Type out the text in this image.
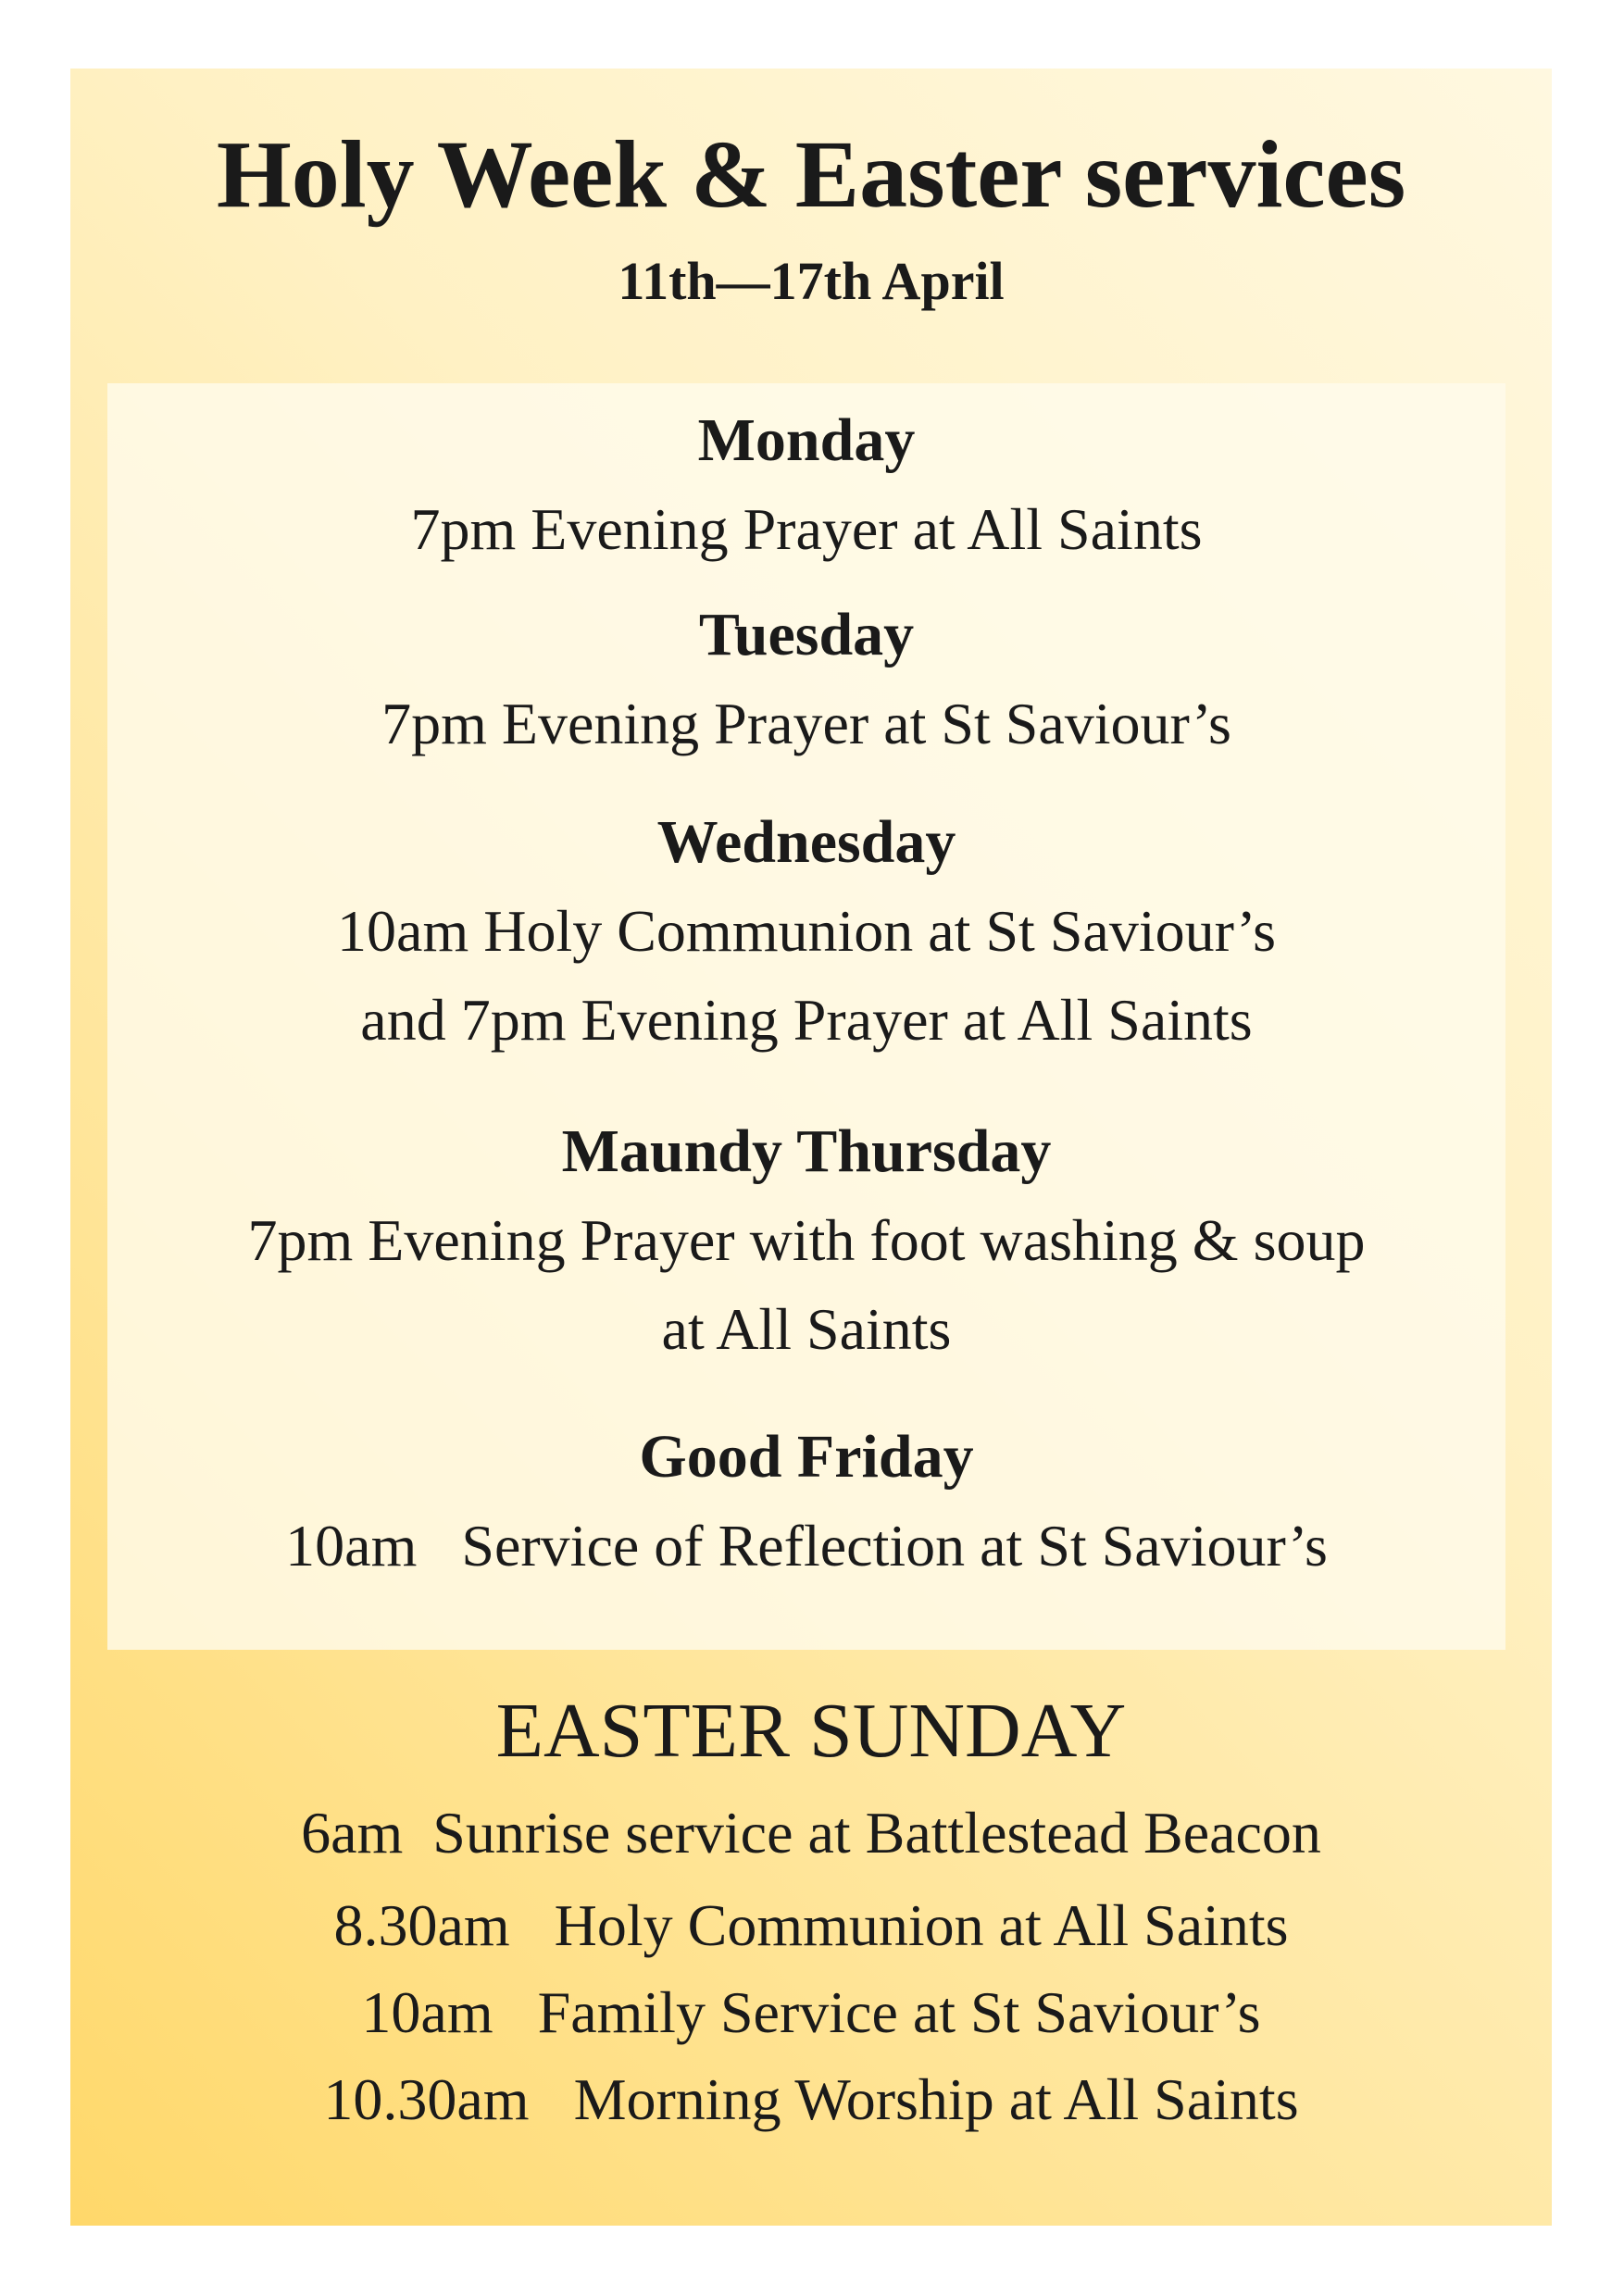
Holy Week & Easter services
11th—17th April
Monday
7pm Evening Prayer at All Saints
Tuesday
7pm Evening Prayer at St Saviour’s
Wednesday
10am Holy Communion at St Saviour’s
and 7pm Evening Prayer at All Saints
Maundy Thursday
7pm Evening Prayer with foot washing & soup
at All Saints
Good Friday
10am   Service of Reflection at St Saviour’s
EASTER SUNDAY
6am  Sunrise service at Battlestead Beacon
8.30am   Holy Communion at All Saints
10am   Family Service at St Saviour’s
10.30am   Morning Worship at All Saints
